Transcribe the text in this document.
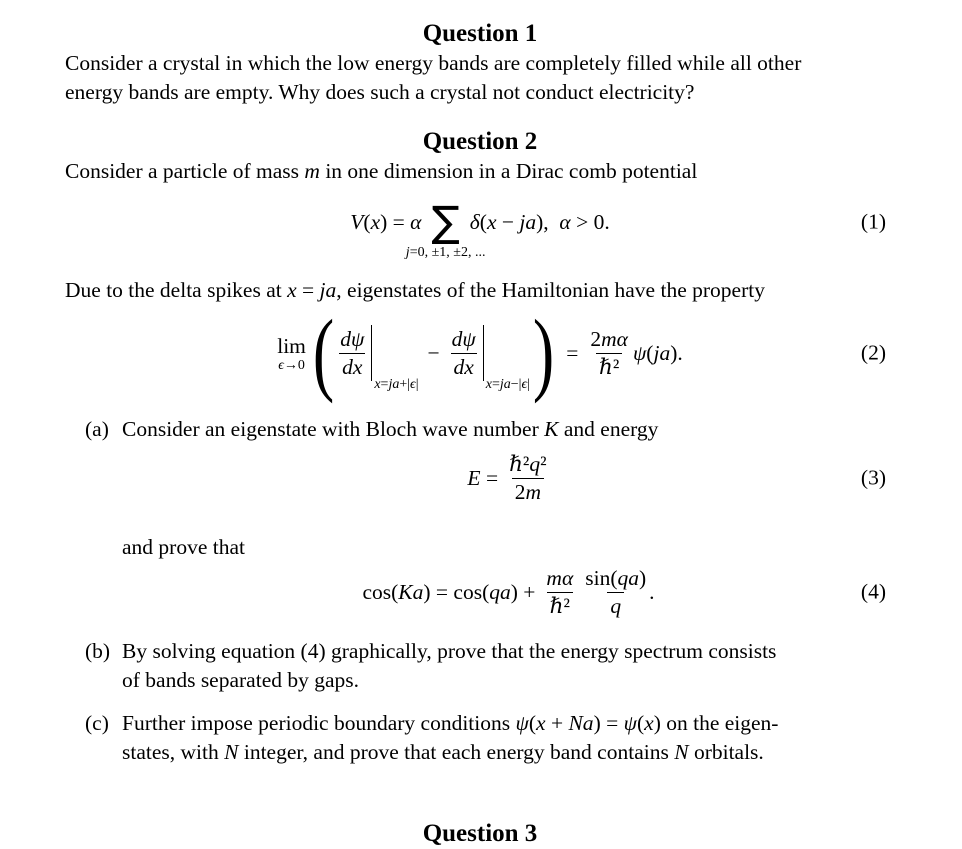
Question 1

Consider a crystal in which the low energy bands are completely filled while all other
energy bands are empty. Why does such a crystal not conduct electricity?

Question 2

Consider a particle of mass m in one dimension in a Dirac comb potential

V(x) = α ∑
j=0, ±1, ±2, ...
δ(x − ja), α > 0.	(1)

Due to the delta spikes at x = ja, eigenstates of the Hamiltonian have the property

lim
ϵ→0 ( $\frac{d\psi}{dx}$
x=ja+|ϵ|
− $\frac{d\psi}{dx}$
x=ja−|ϵ| ) = $\frac{2m\alpha}{\text{ℏ²}} \psi(ja)$.	(2)
(a) Consider an eigenstate with Bloch wave number K and energy

$E = \frac{\text{ℏ²q²}}{2m}$	(3)

and prove that

$\cos(Ka) = \cos(qa) + \frac{m\alpha}{\text{ℏ²}} \frac{\sin(qa)}{q}$ .	(4)
(b) By solving equation (4) graphically, prove that the energy spectrum consists
of bands separated by gaps.

(c) Further impose periodic boundary conditions ψ(x + Na) = ψ(x) on the eigen-
states, with N integer, and prove that each energy band contains N orbitals.

Question 3
